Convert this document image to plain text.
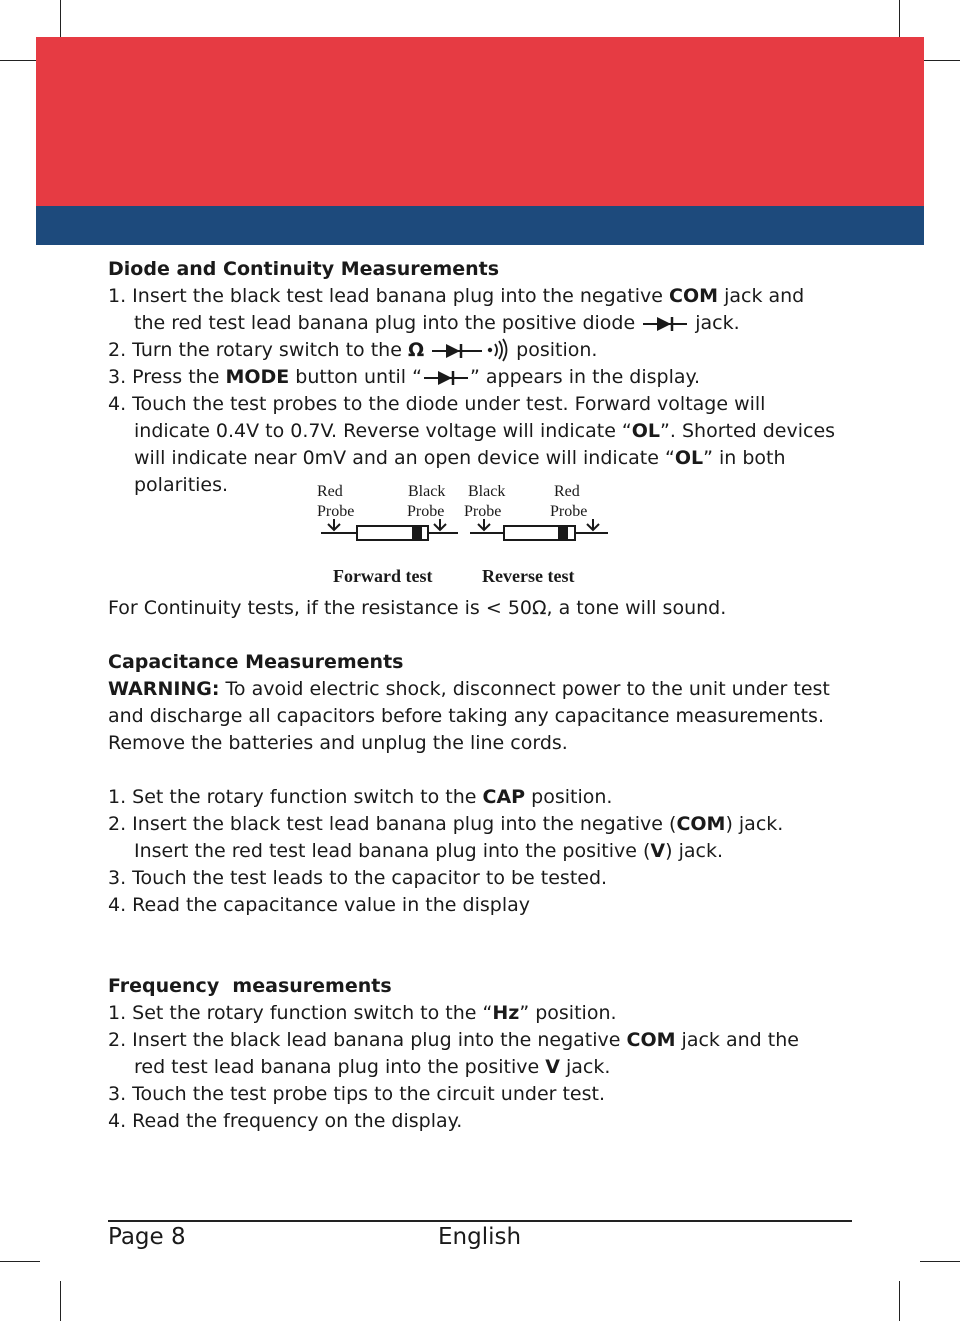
Diode and Continuity Measurements
1. Insert the black test lead banana plug into the negative COM jack and
the red test lead banana plug into the positive diode	jack.
2. Turn the rotary switch to the Ω	position.
3. Press the MODE button until “	” appears in the display.
4. Touch the test probes to the diode under test. Forward voltage will
indicate 0.4V to 0.7V. Reverse voltage will indicate “OL”. Shorted devices
will indicate near 0mV and an open device will indicate “OL” in both
polarities.	Red
Probe
Black
Probe
Black
Probe
Red
Probe
Forward test	Reverse test
For Continuity tests, if the resistance is < 50Ω, a tone will sound.
Capacitance Measurements
WARNING: To avoid electric shock, disconnect power to the unit under test
and discharge all capacitors before taking any capacitance measurements.
Remove the batteries and unplug the line cords.
1. Set the rotary function switch to the CAP position.
2. Insert the black test lead banana plug into the negative (COM) jack.
Insert the red test lead banana plug into the positive (V) jack.
3. Touch the test leads to the capacitor to be tested.
4. Read the capacitance value in the display
Frequency  measurements
1. Set the rotary function switch to the “Hz” position.
2. Insert the black lead banana plug into the negative COM jack and the
red test lead banana plug into the positive V jack.
3. Touch the test probe tips to the circuit under test.
4. Read the frequency on the display.
Page 8	English
